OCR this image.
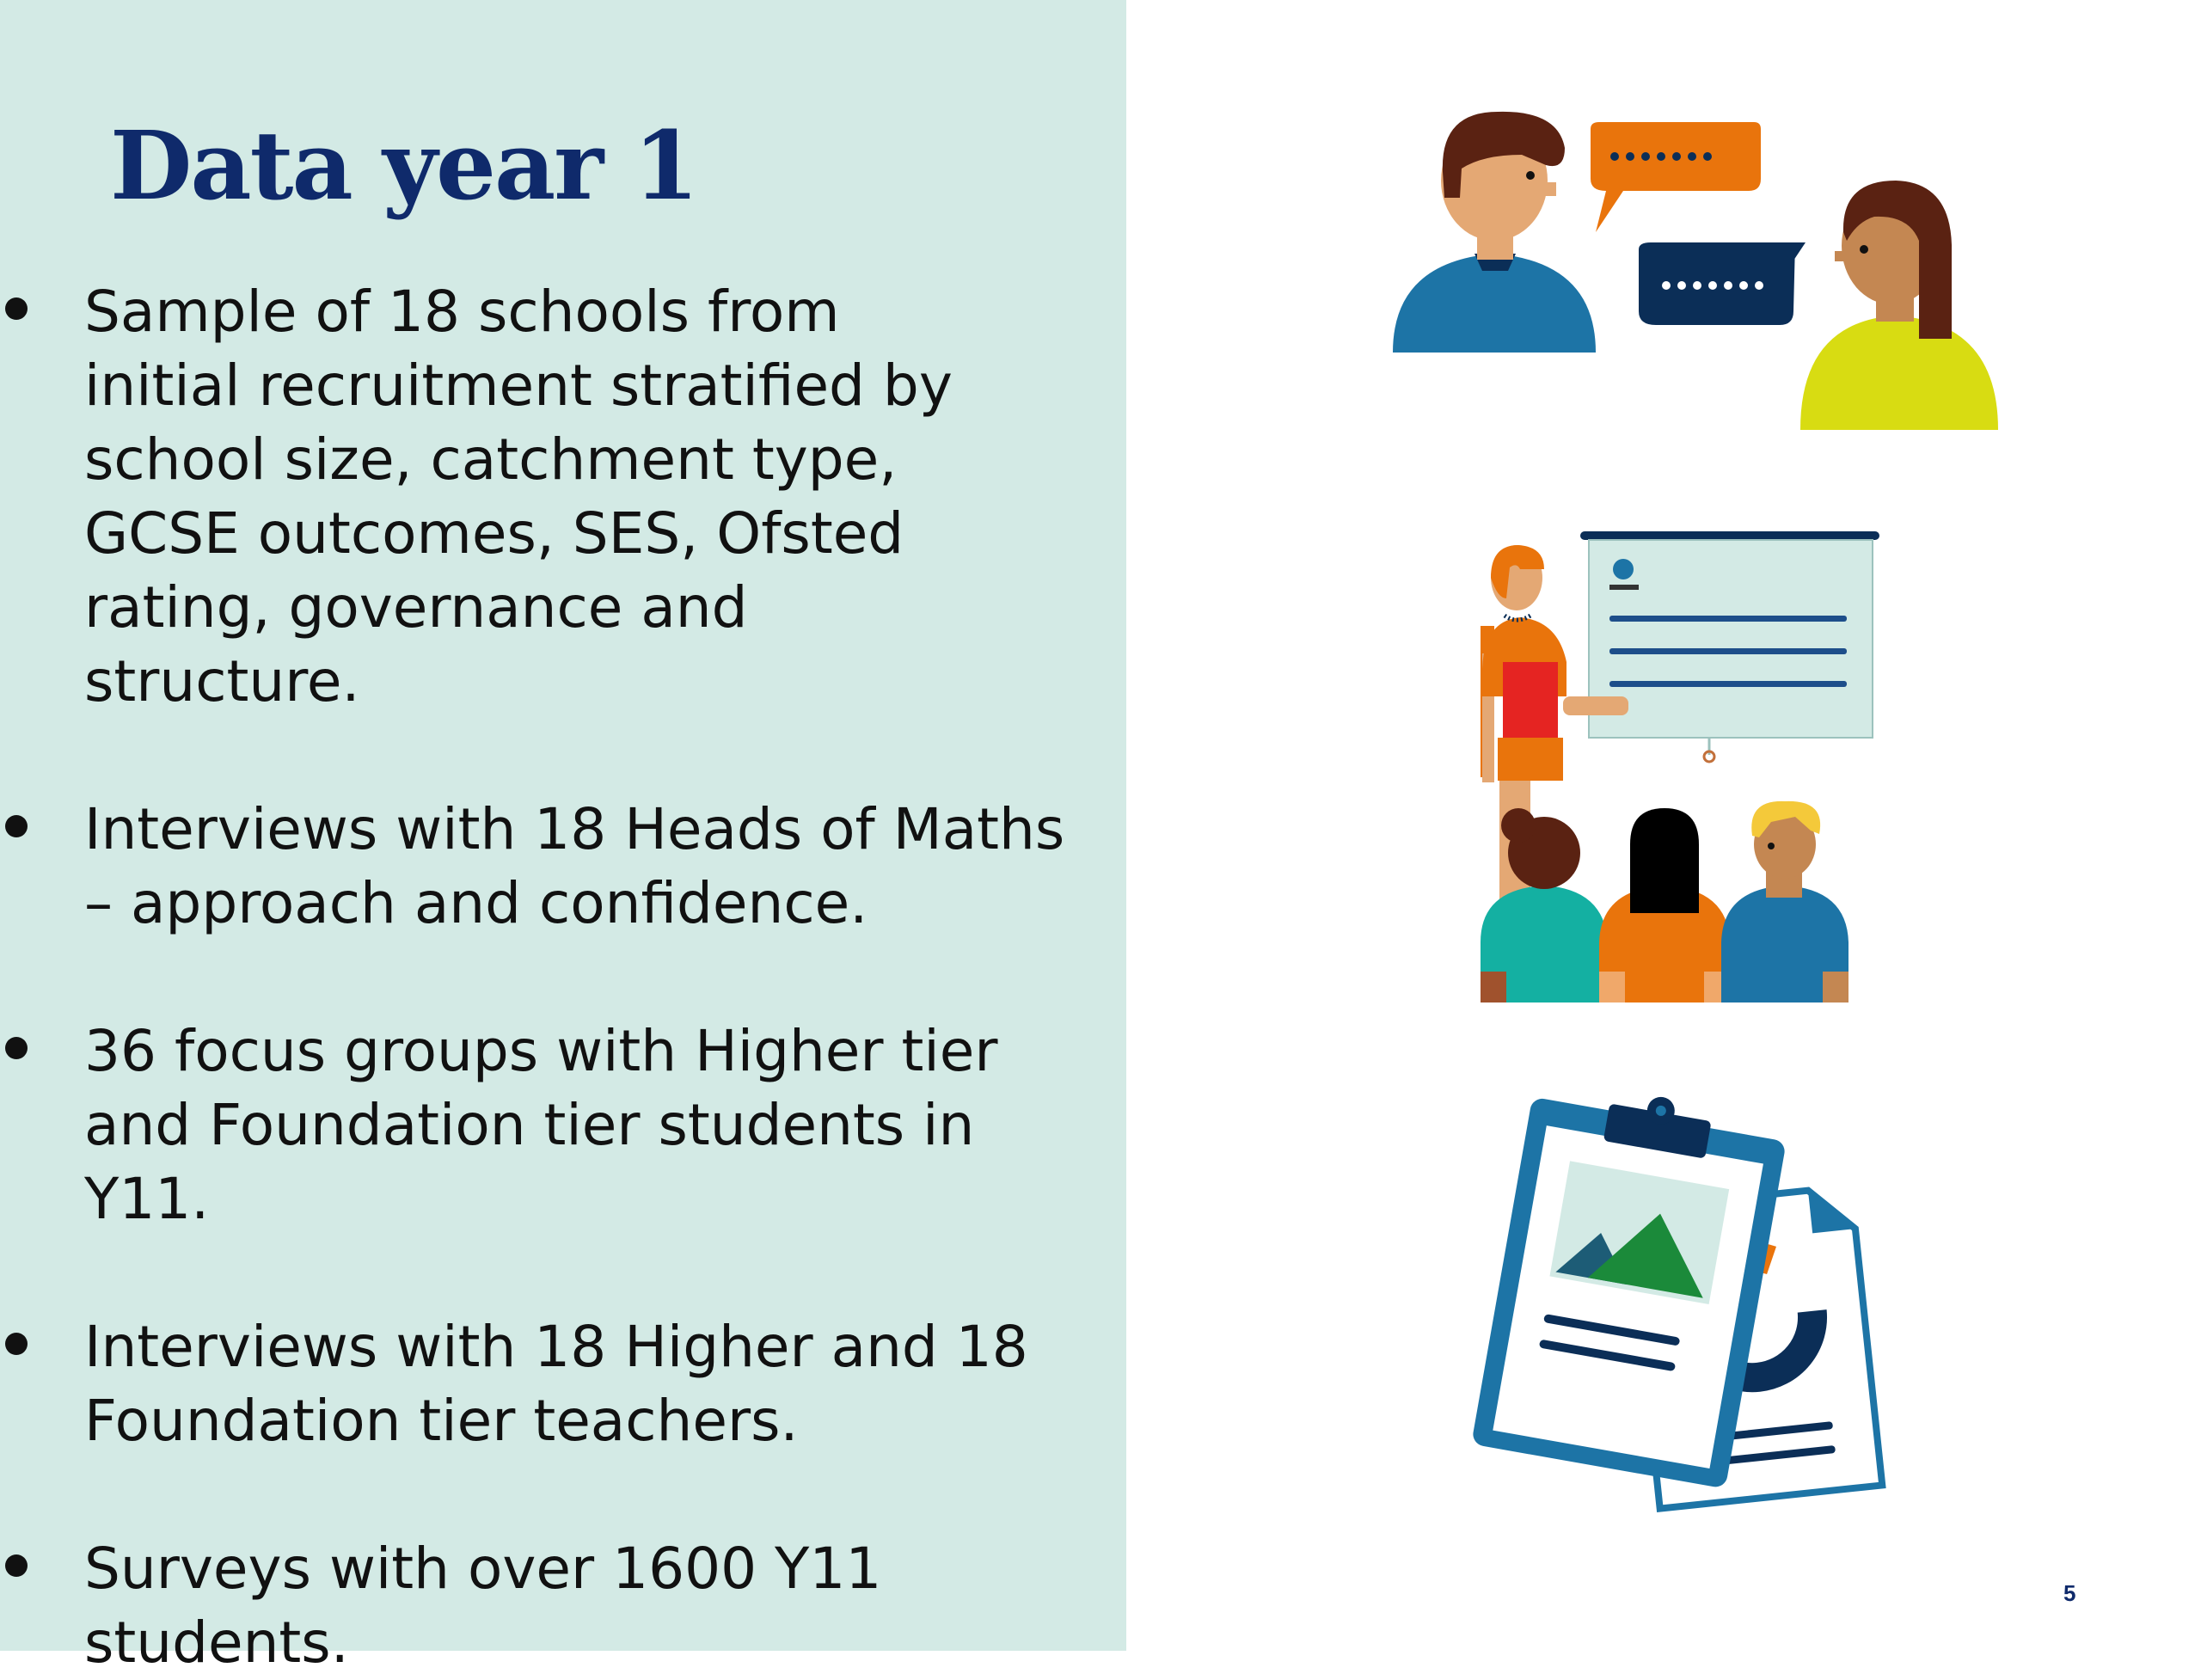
Data year 1
Sample of 18 schools from initial recruitment stratified by school size, catchment type, GCSE outcomes, SES, Ofsted rating, governance and structure.
Interviews with 18 Heads of Maths – approach and confidence.
36 focus groups with Higher tier and Foundation tier students in Y11.
Interviews with 18 Higher and 18 Foundation tier teachers.
Surveys with over 1600 Y11 students.
5
